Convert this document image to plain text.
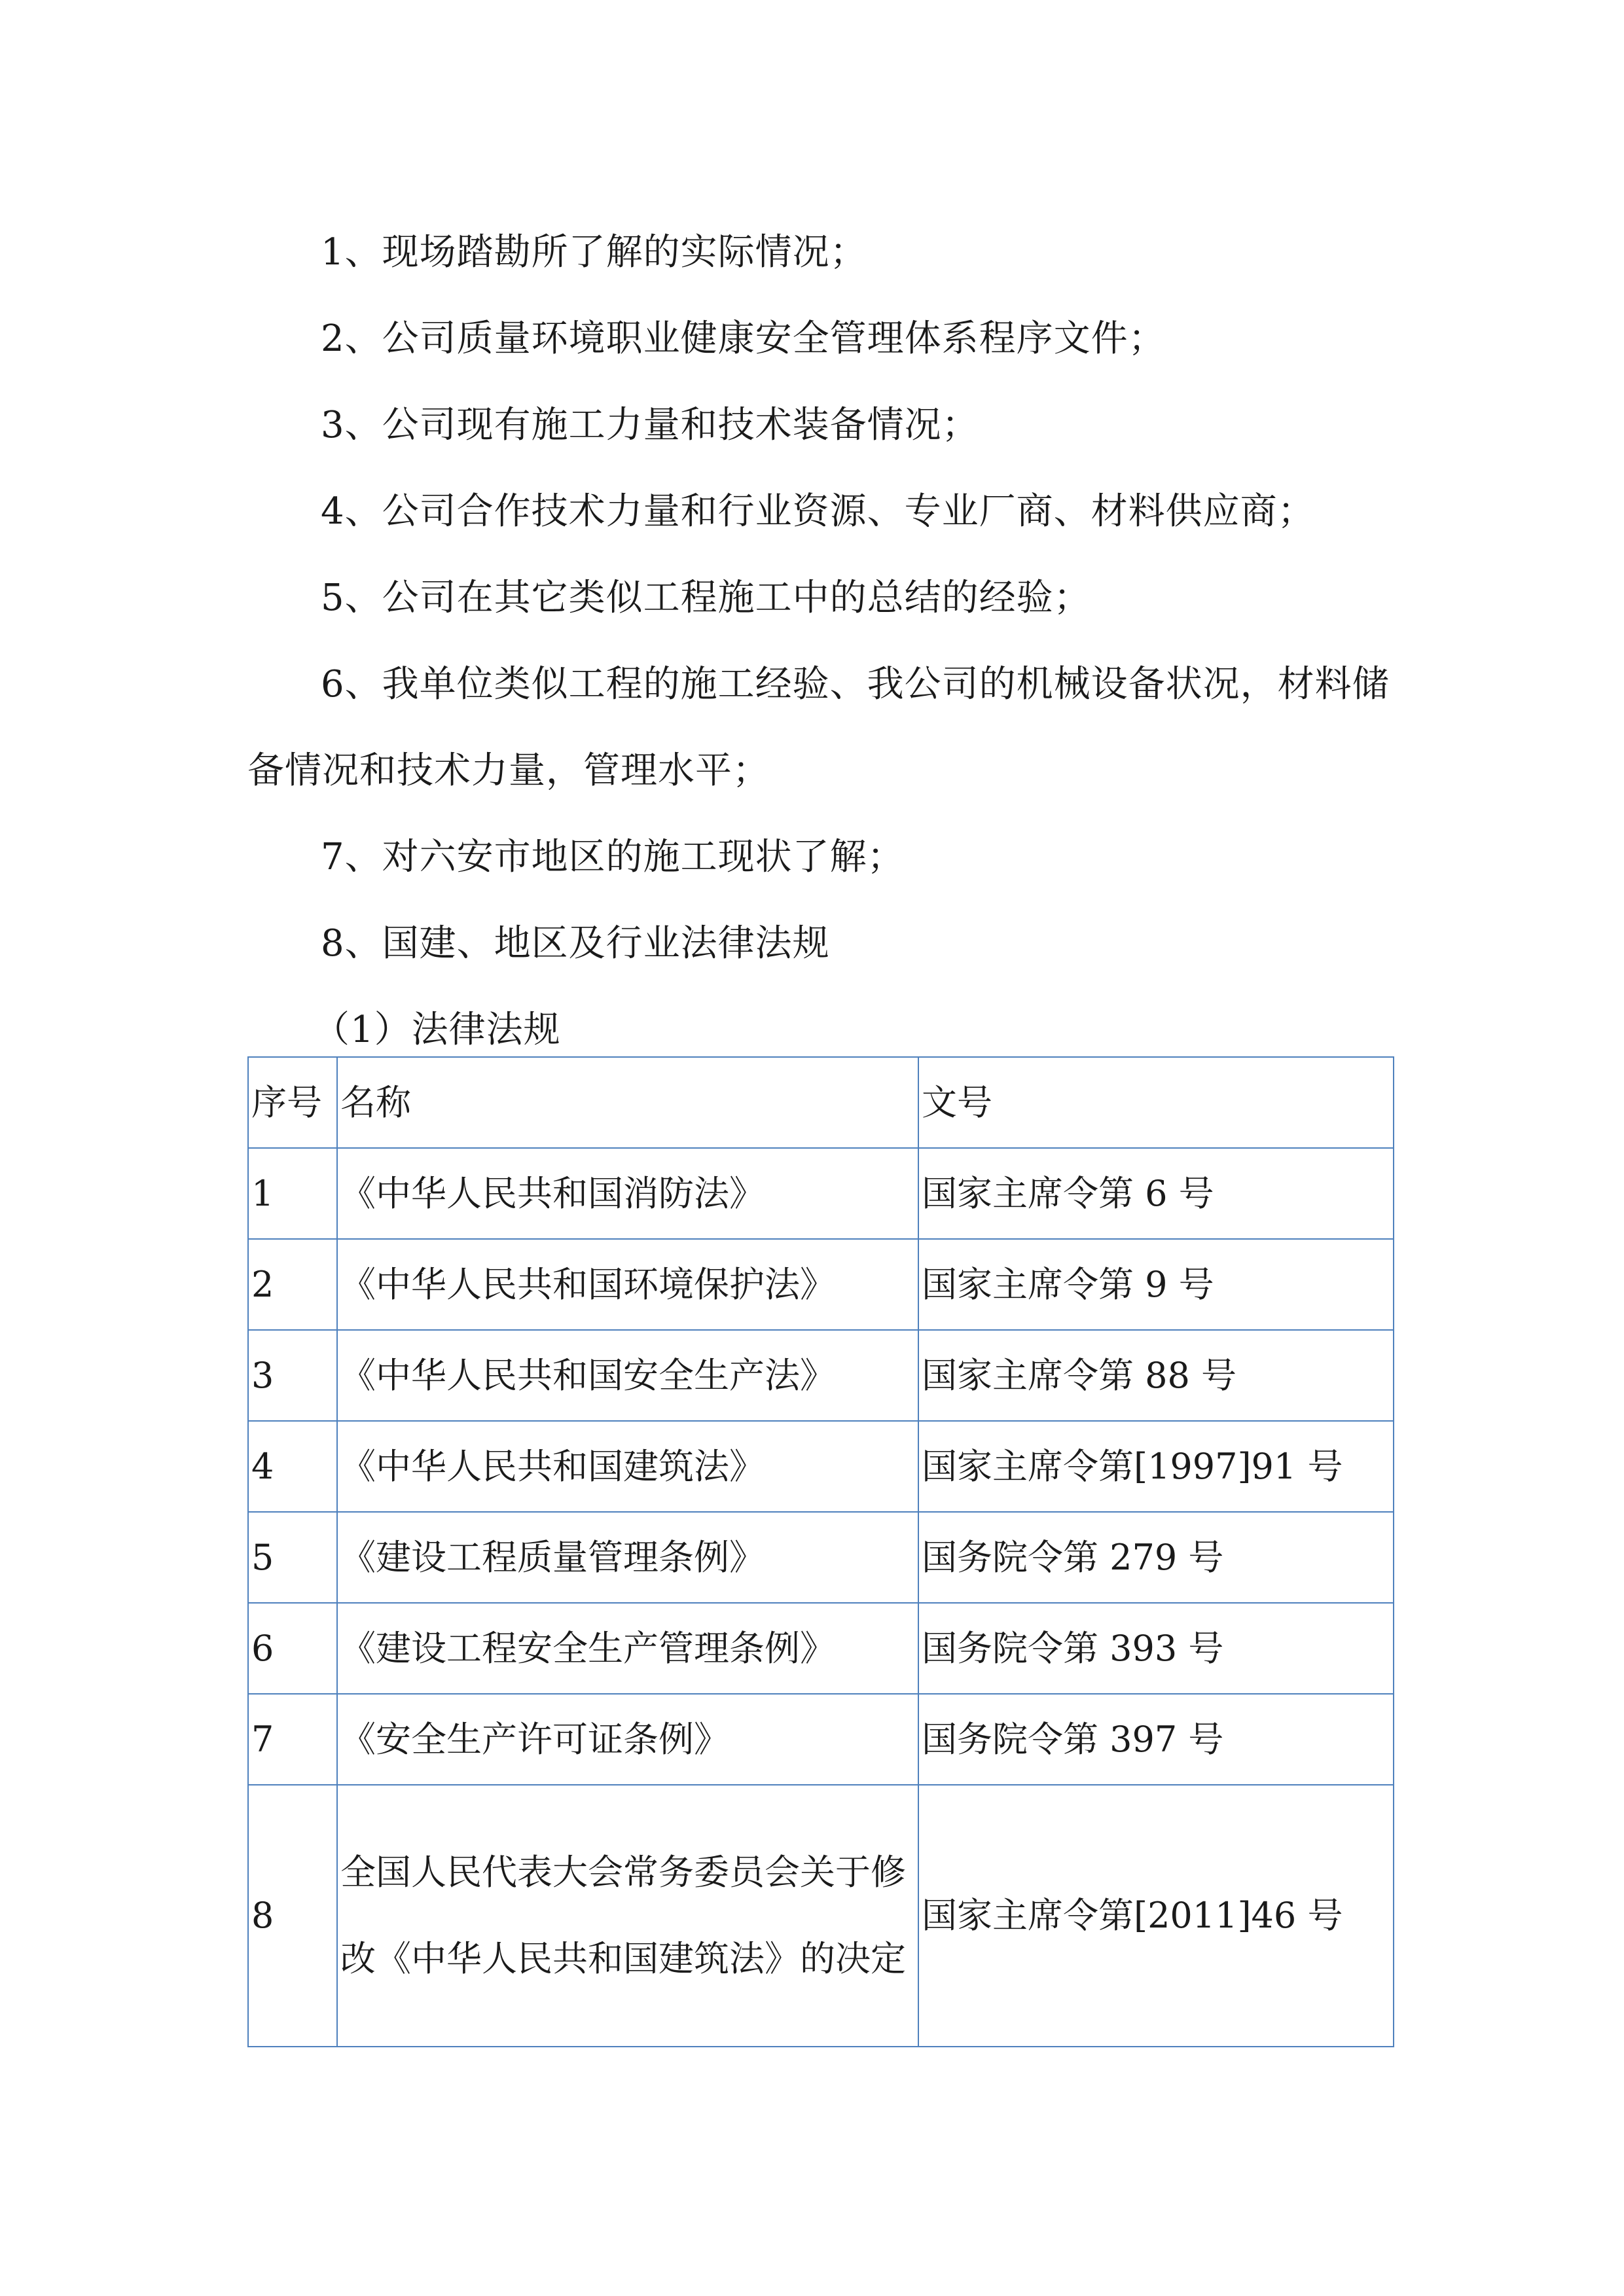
1、现场踏勘所了解的实际情况；

2、公司质量环境职业健康安全管理体系程序文件；

3、公司现有施工力量和技术装备情况；

4、公司合作技术力量和行业资源、专业厂商、材料供应商；

5、公司在其它类似工程施工中的总结的经验；

6、我单位类似工程的施工经验、我公司的机械设备状况，材料储备情况和技术力量，管理水平；

7、对六安市地区的施工现状了解；

8、国建、地区及行业法律法规

（1）法律法规

序号	名称	文号
1	《中华人民共和国消防法》	国家主席令第 6 号
2	《中华人民共和国环境保护法》	国家主席令第 9 号
3	《中华人民共和国安全生产法》	国家主席令第 88 号
4	《中华人民共和国建筑法》	国家主席令第[1997]91 号
5	《建设工程质量管理条例》	国务院令第 279 号
6	《建设工程安全生产管理条例》	国务院令第 393 号
7	《安全生产许可证条例》	国务院令第 397 号
8	全国人民代表大会常务委员会关于修改《中华人民共和国建筑法》的决定	国家主席令第[2011]46 号
